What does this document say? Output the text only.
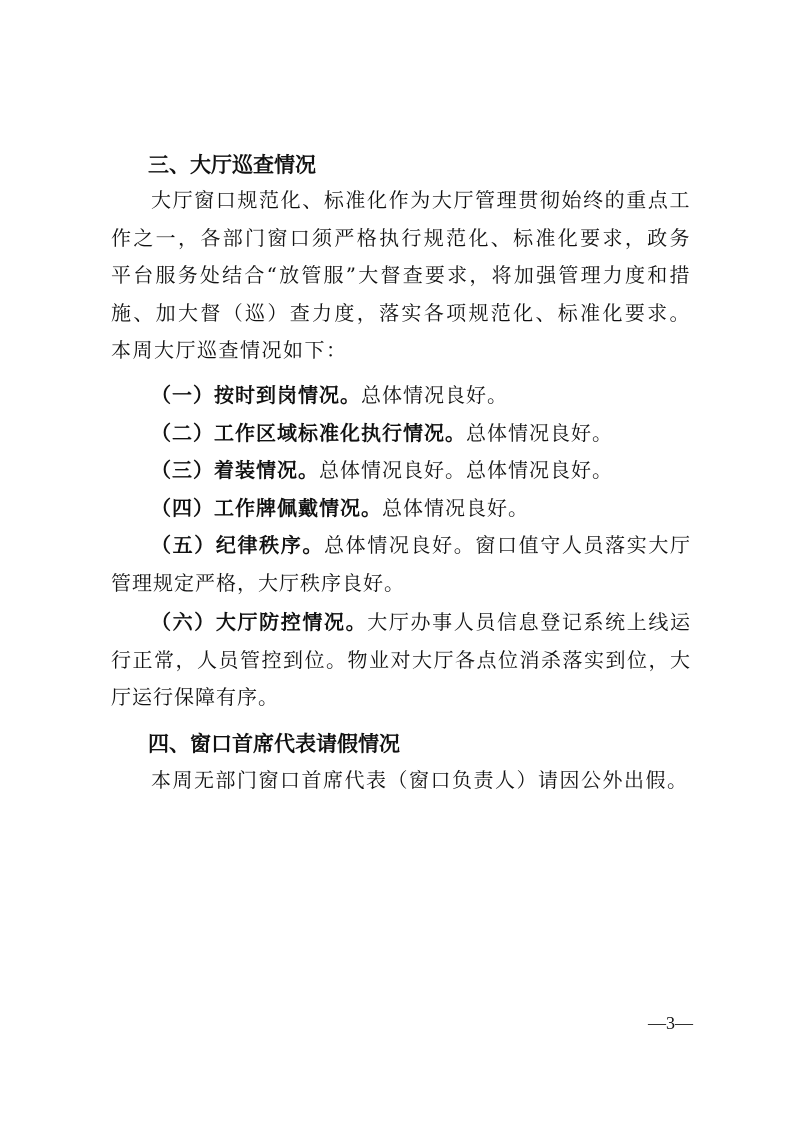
三、大厅巡查情况
大厅窗口规范化、标准化作为大厅管理贯彻始终的重点工作之一，各部门窗口须严格执行规范化、标准化要求，政务平台服务处结合“放管服”大督查要求，将加强管理力度和措施、加大督（巡）查力度，落实各项规范化、标准化要求。本周大厅巡查情况如下：
（一）按时到岗情况。总体情况良好。
（二）工作区域标准化执行情况。总体情况良好。
（三）着装情况。总体情况良好。总体情况良好。
（四）工作牌佩戴情况。总体情况良好。
（五）纪律秩序。总体情况良好。窗口值守人员落实大厅管理规定严格，大厅秩序良好。
（六）大厅防控情况。大厅办事人员信息登记系统上线运行正常，人员管控到位。物业对大厅各点位消杀落实到位，大厅运行保障有序。
四、窗口首席代表请假情况
本周无部门窗口首席代表（窗口负责人）请因公外出假。
—3—
